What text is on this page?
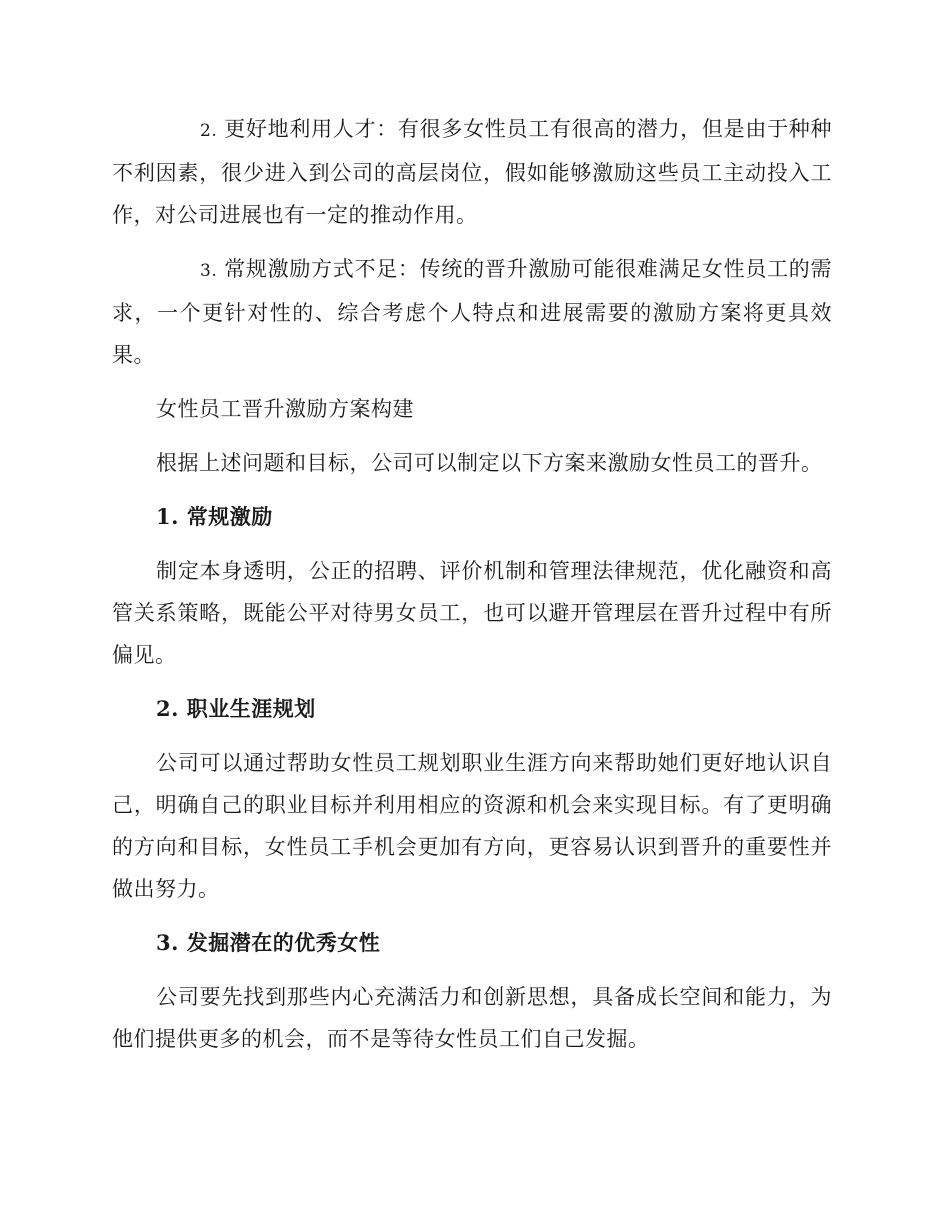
2. 更好地利用人才：有很多女性员工有很高的潜力，但是由于种种不利因素，很少进入到公司的高层岗位，假如能够激励这些员工主动投入工作，对公司进展也有一定的推动作用。

3. 常规激励方式不足：传统的晋升激励可能很难满足女性员工的需求，一个更针对性的、综合考虑个人特点和进展需要的激励方案将更具效果。

女性员工晋升激励方案构建

根据上述问题和目标，公司可以制定以下方案来激励女性员工的晋升。

1. 常规激励

制定本身透明，公正的招聘、评价机制和管理法律规范，优化融资和高管关系策略，既能公平对待男女员工，也可以避开管理层在晋升过程中有所偏见。

2. 职业生涯规划

公司可以通过帮助女性员工规划职业生涯方向来帮助她们更好地认识自己，明确自己的职业目标并利用相应的资源和机会来实现目标。有了更明确的方向和目标，女性员工手机会更加有方向，更容易认识到晋升的重要性并做出努力。

3. 发掘潜在的优秀女性

公司要先找到那些内心充满活力和创新思想，具备成长空间和能力，为他们提供更多的机会，而不是等待女性员工们自己发掘。
